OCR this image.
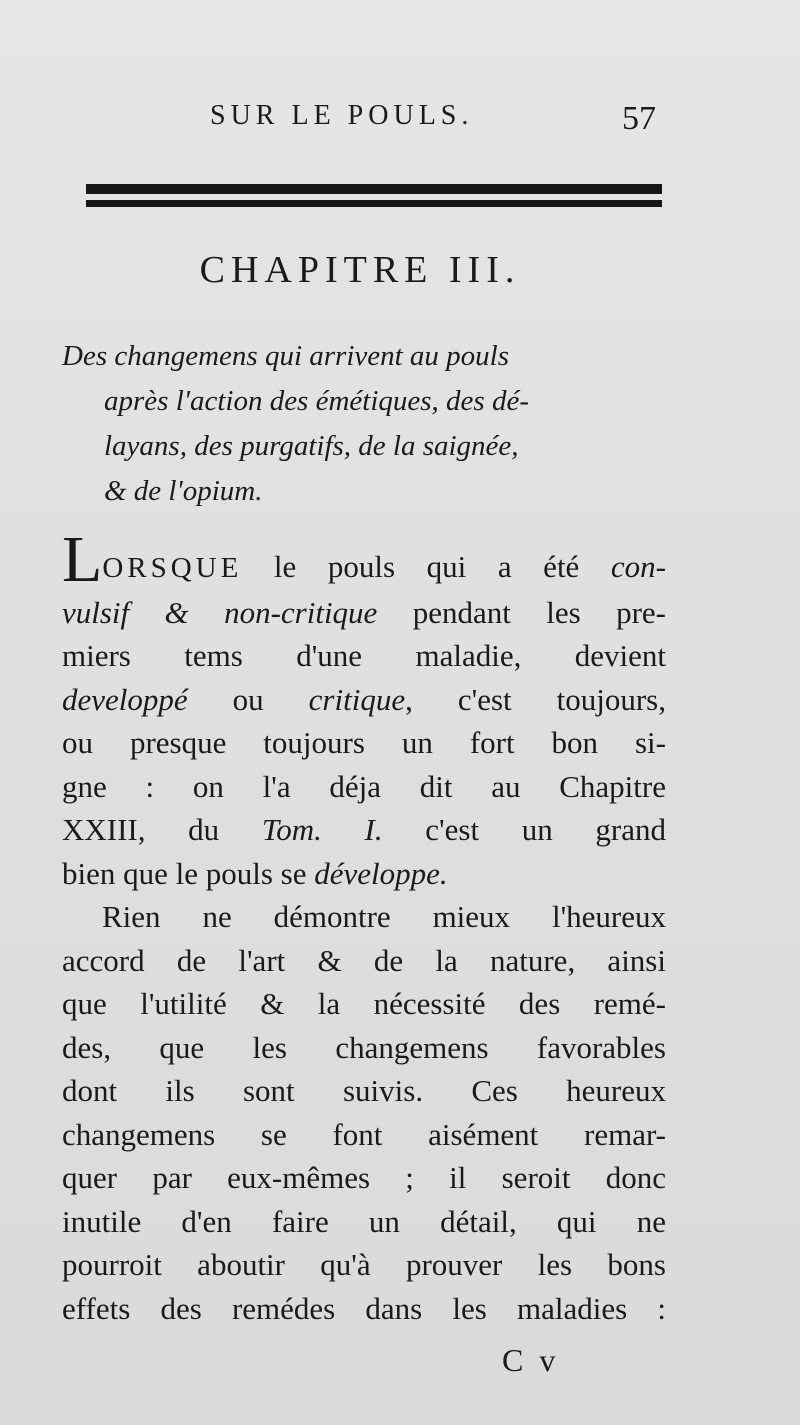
SUR LE POULS.	57
CHAPITRE III.
Des changemens qui arrivent au pouls
après l'action des émétiques, des dé-
layans, des purgatifs, de la saignée,
& de l'opium.
LORSQUE le pouls qui a été con-
vulsif & non-critique pendant les pre-
miers tems d'une maladie, devient
developpé ou critique, c'est toujours,
ou presque toujours un fort bon si-
gne : on l'a déja dit au Chapitre
XXIII, du Tom. I. c'est un grand
bien que le pouls se développe.
Rien ne démontre mieux l'heureux
accord de l'art & de la nature, ainsi
que l'utilité & la nécessité des remé-
des, que les changemens favorables
dont ils sont suivis. Ces heureux
changemens se font aisément remar-
quer par eux-mêmes ; il seroit donc
inutile d'en faire un détail, qui ne
pourroit aboutir qu'à prouver les bons
effets des remédes dans les maladies :
C v
